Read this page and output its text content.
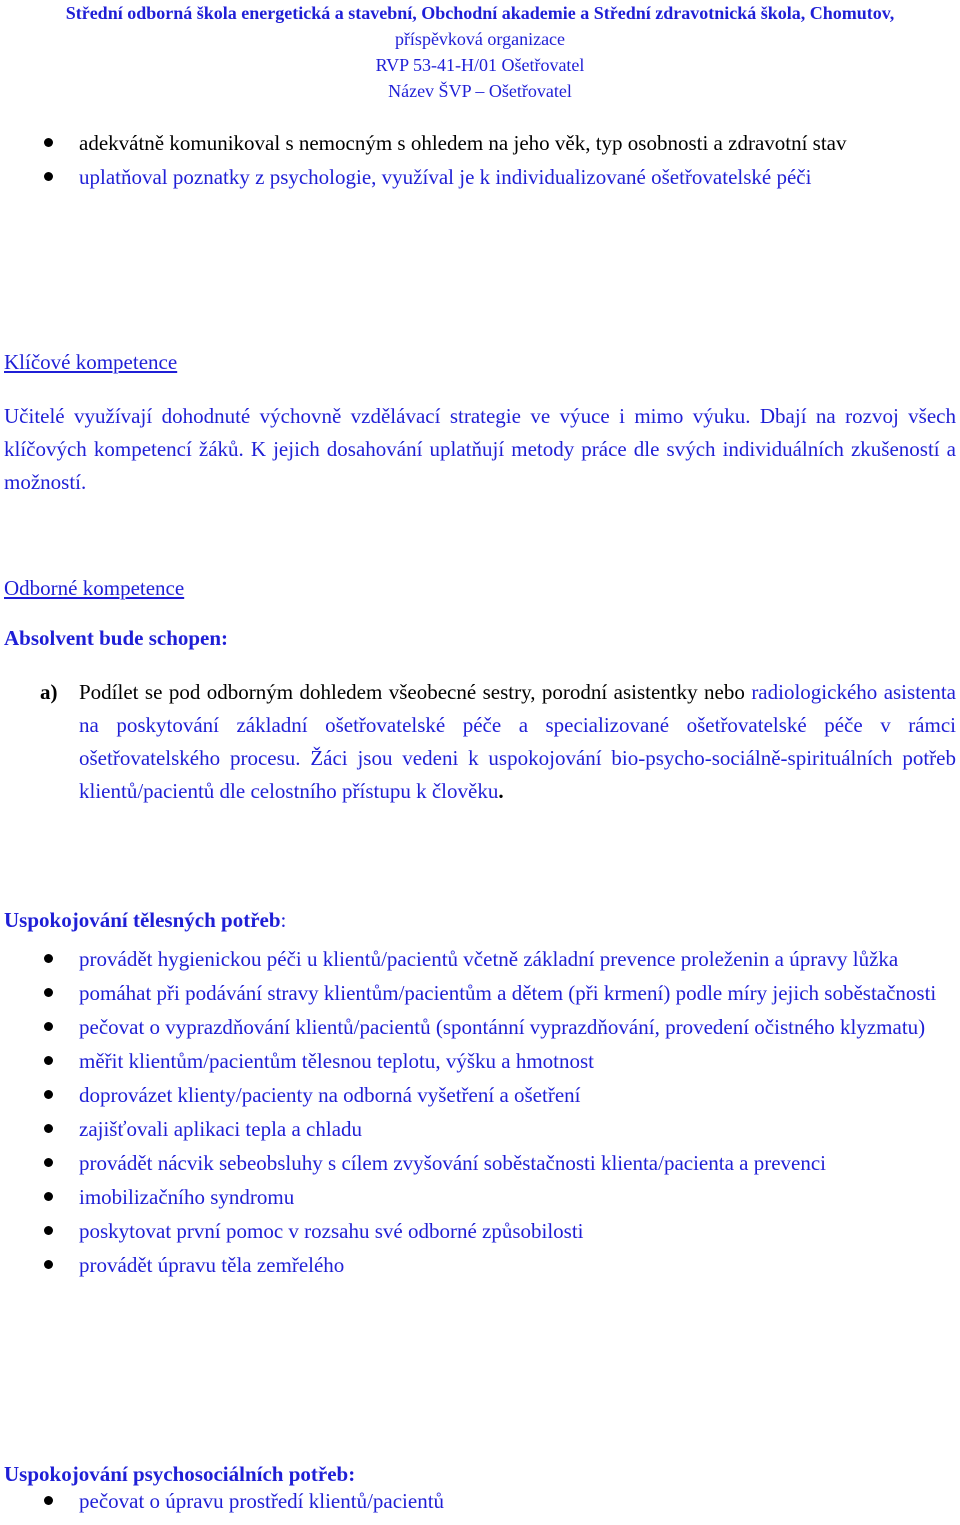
Střední odborná škola energetická a stavební, Obchodní akademie a Střední zdravotnická škola, Chomutov,
příspěvková organizace
RVP 53-41-H/01 Ošetřovatel
Název ŠVP – Ošetřovatel
adekvátně komunikoval s nemocným s ohledem na jeho věk, typ osobnosti a zdravotní stav
uplatňoval poznatky z psychologie, využíval je k individualizované ošetřovatelské péči
Klíčové kompetence
Učitelé využívají dohodnuté výchovně vzdělávací strategie ve výuce i mimo výuku. Dbají na rozvoj všech klíčových kompetencí žáků. K jejich dosahování uplatňují metody práce dle svých individuálních zkušeností a možností.
Odborné kompetence
Absolvent bude schopen:
a) Podílet se pod odborným dohledem všeobecné sestry, porodní asistentky nebo radiologického asistenta na poskytování základní ošetřovatelské péče a specializované ošetřovatelské péče v rámci ošetřovatelského procesu. Žáci jsou vedeni k uspokojování bio-psycho-sociálně-spirituálních potřeb klientů/pacientů dle celostního přístupu k člověku.
Uspokojování tělesných potřeb:
provádět hygienickou péči u klientů/pacientů včetně základní prevence proleženin a úpravy lůžka
pomáhat při podávání stravy klientům/pacientům a dětem (při krmení) podle míry jejich soběstačnosti
pečovat o vyprazdňování klientů/pacientů (spontánní vyprazdňování, provedení očistného klyzmatu)
měřit klientům/pacientům tělesnou teplotu, výšku a hmotnost
doprovázet klienty/pacienty na odborná vyšetření a ošetření
zajišťovali aplikaci tepla a chladu
provádět nácvik sebeobsluhy s cílem zvyšování soběstačnosti klienta/pacienta a prevenci
imobilizačního syndromu
poskytovat první pomoc v rozsahu své odborné způsobilosti
provádět úpravu těla zemřelého
Uspokojování psychosociálních potřeb:
pečovat o úpravu prostředí klientů/pacientů
